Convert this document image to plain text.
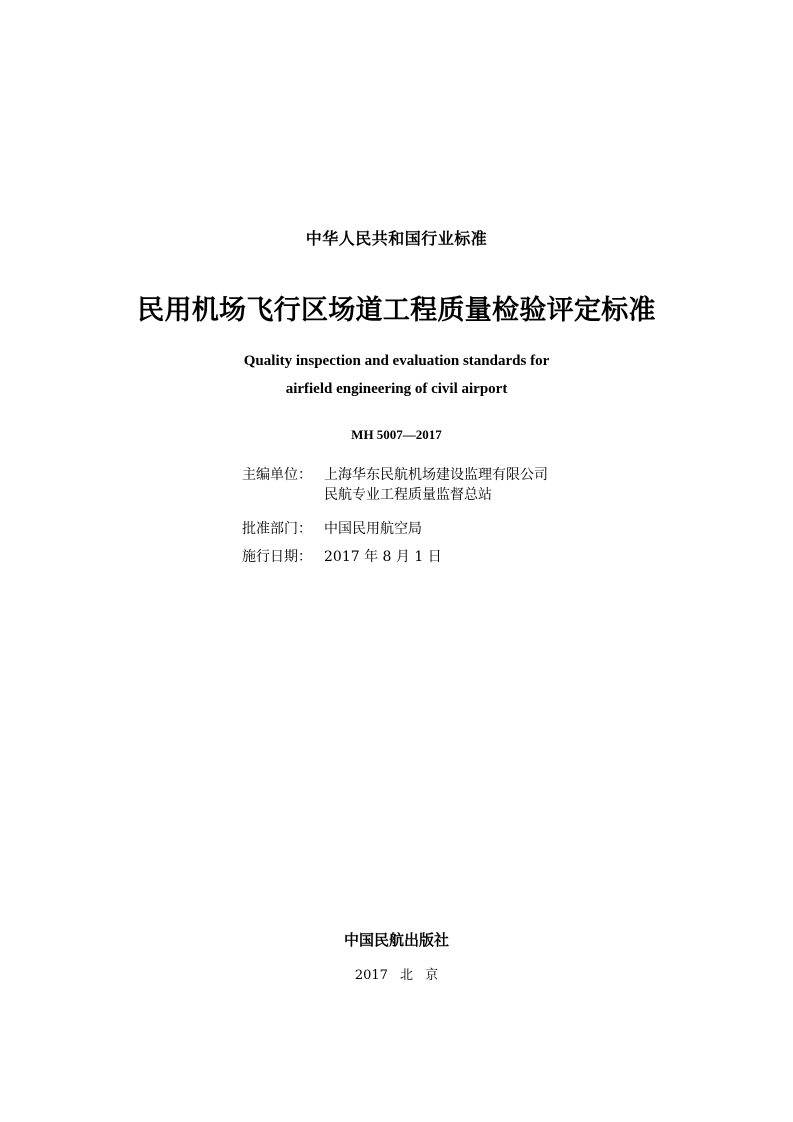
中华人民共和国行业标准
民用机场飞行区场道工程质量检验评定标准
Quality inspection and evaluation standards for
airfield engineering of civil airport
MH 5007—2017
主编单位： 上海华东民航机场建设监理有限公司
民航专业工程质量监督总站
批准部门： 中国民用航空局
施行日期： 2017 年 8 月 1 日
中国民航出版社
2017 北 京
